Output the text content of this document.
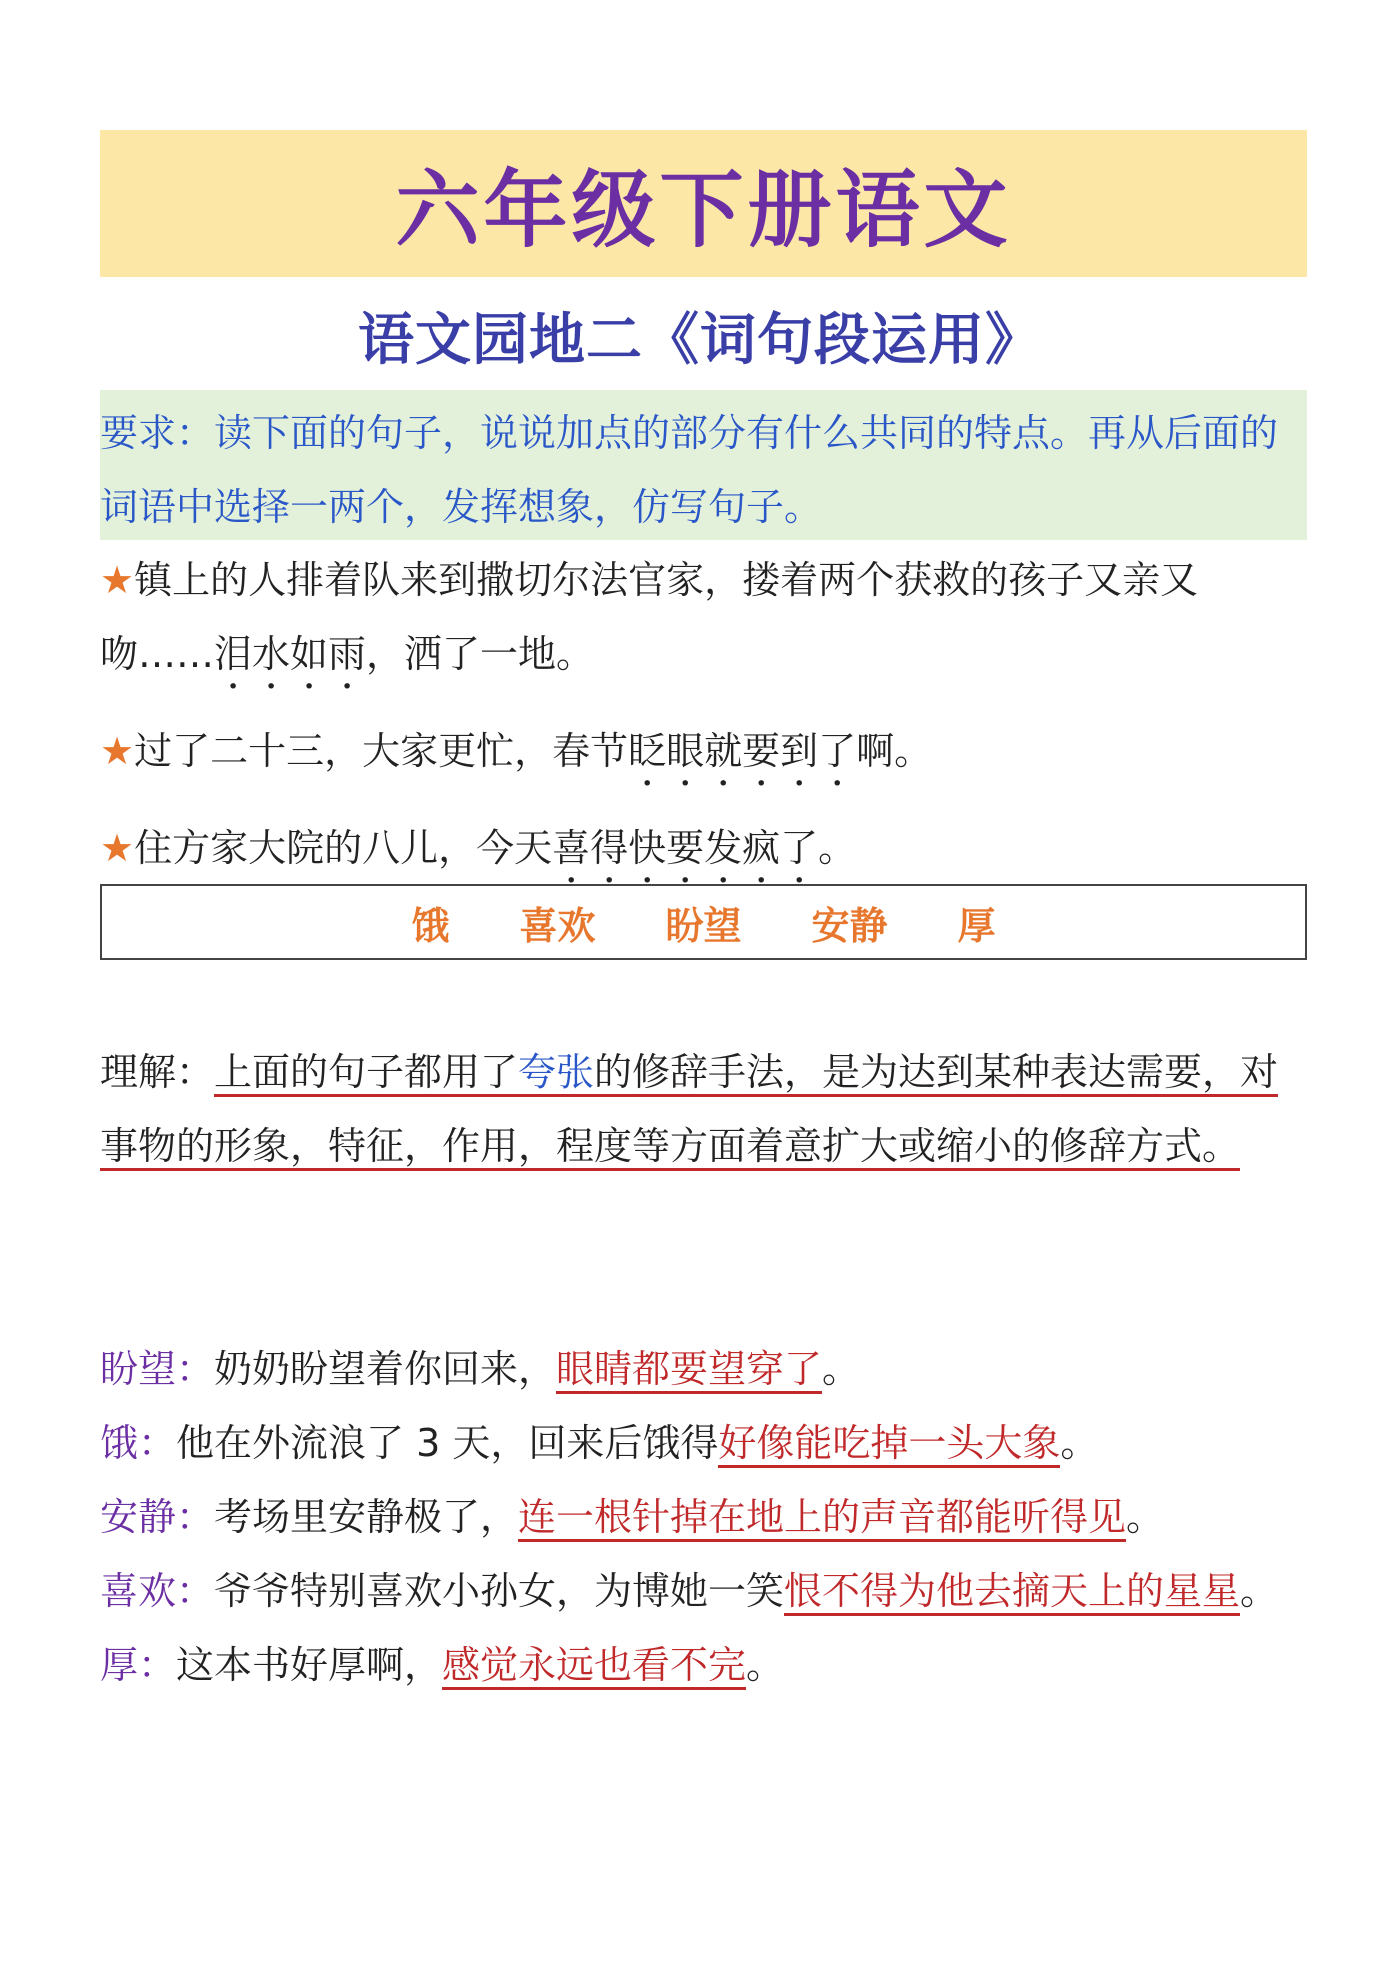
六年级下册语文
语文园地二《词句段运用》

要求：读下面的句子，说说加点的部分有什么共同的特点。再从后面的词语中选择一两个，发挥想象，仿写句子。

★镇上的人排着队来到撒切尔法官家，搂着两个获救的孩子又亲又吻……泪水如雨，洒了一地。

★过了二十三，大家更忙，春节眨眼就要到了啊。

★住方家大院的八儿，今天喜得快要发疯了。

饿 喜欢 盼望 安静 厚

理解：上面的句子都用了夸张的修辞手法，是为达到某种表达需要，对事物的形象，特征，作用，程度等方面着意扩大或缩小的修辞方式。

盼望：奶奶盼望着你回来，眼睛都要望穿了。

饿：他在外流浪了 3 天，回来后饿得好像能吃掉一头大象。

安静：考场里安静极了，连一根针掉在地上的声音都能听得见。

喜欢：爷爷特别喜欢小孙女，为博她一笑恨不得为他去摘天上的星星。

厚：这本书好厚啊，感觉永远也看不完。
